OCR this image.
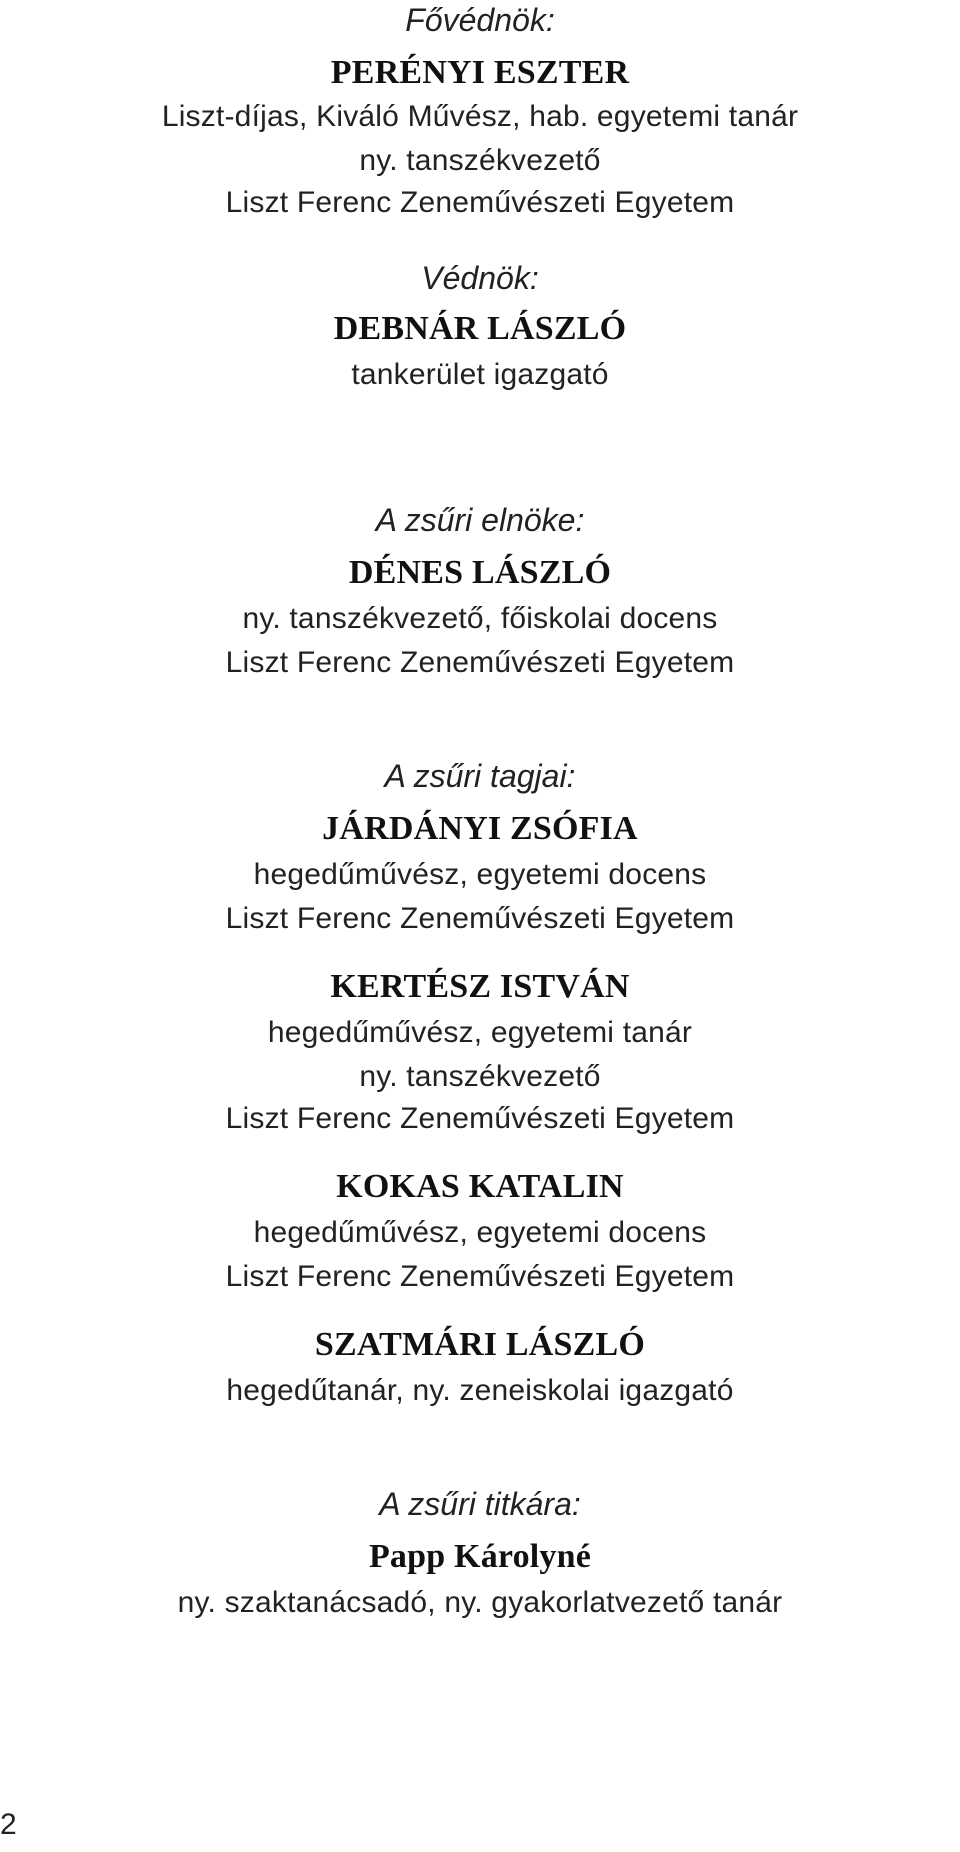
Fővédnök:
PERÉNYI ESZTER
Liszt-díjas, Kiváló Művész, hab. egyetemi tanár
ny. tanszékvezető
Liszt Ferenc Zeneművészeti Egyetem
Védnök:
DEBNÁR LÁSZLÓ
tankerület igazgató
A zsűri elnöke:
DÉNES LÁSZLÓ
ny. tanszékvezető, főiskolai docens
Liszt Ferenc Zeneművészeti Egyetem
A zsűri tagjai:
JÁRDÁNYI ZSÓFIA
hegedűművész, egyetemi docens
Liszt Ferenc Zeneművészeti Egyetem
KERTÉSZ ISTVÁN
hegedűművész, egyetemi tanár
ny. tanszékvezető
Liszt Ferenc Zeneművészeti Egyetem
KOKAS KATALIN
hegedűművész, egyetemi docens
Liszt Ferenc Zeneművészeti Egyetem
SZATMÁRI LÁSZLÓ
hegedűtanár, ny. zeneiskolai igazgató
A zsűri titkára:
Papp Károlyné
ny. szaktanácsadó, ny. gyakorlatvezető tanár
2
